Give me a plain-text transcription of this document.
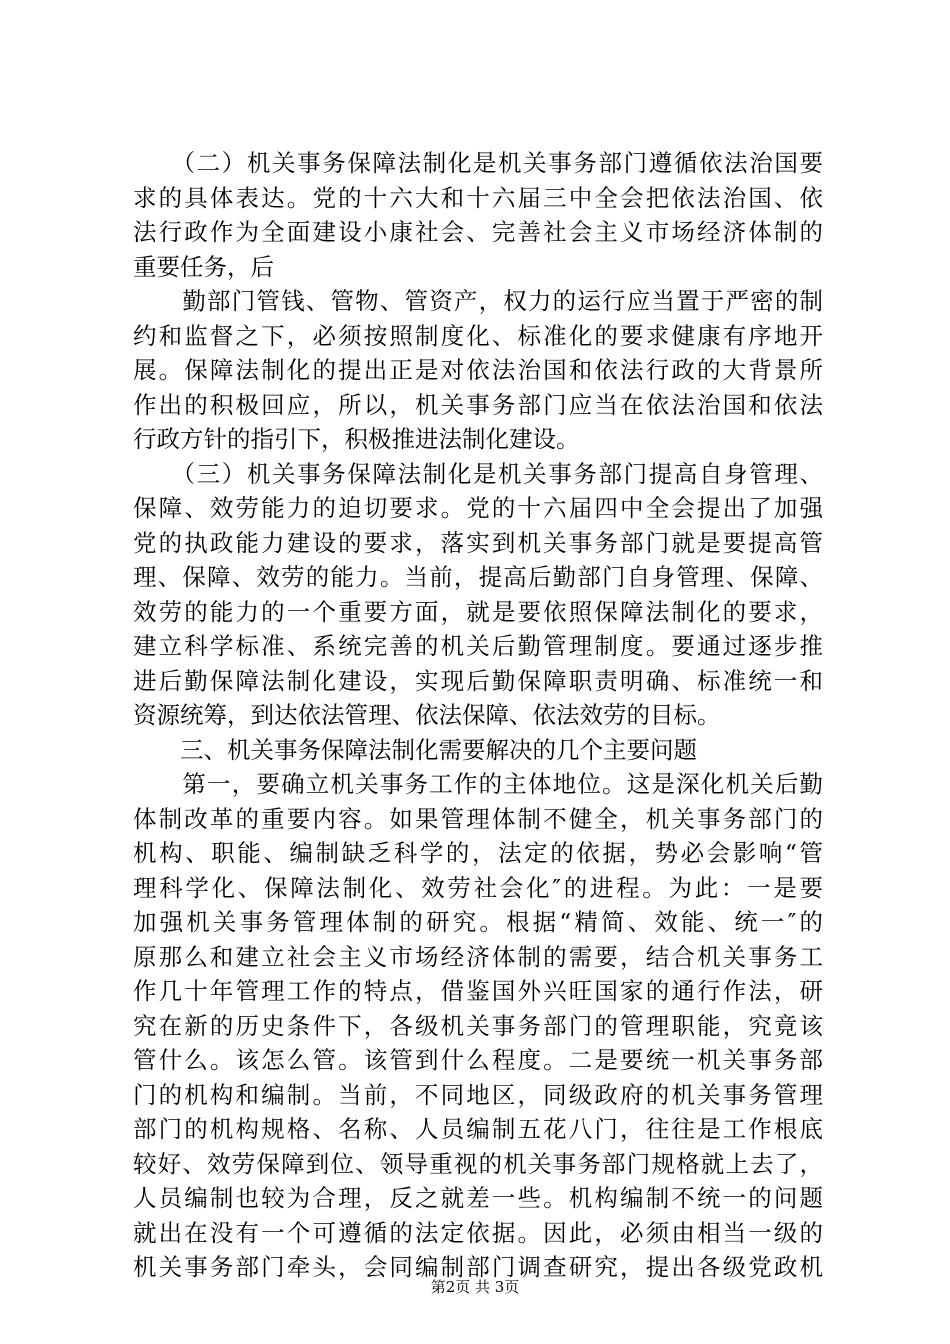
　　（二）机关事务保障法制化是机关事务部门遵循依法治国要
求的具体表达。党的十六大和十六届三中全会把依法治国、依
法行政作为全面建设小康社会、完善社会主义市场经济体制的
重要任务，后
　　勤部门管钱、管物、管资产，权力的运行应当置于严密的制
约和监督之下，必须按照制度化、标准化的要求健康有序地开
展。保障法制化的提出正是对依法治国和依法行政的大背景所
作出的积极回应，所以，机关事务部门应当在依法治国和依法
行政方针的指引下，积极推进法制化建设。
　　（三）机关事务保障法制化是机关事务部门提高自身管理、
保障、效劳能力的迫切要求。党的十六届四中全会提出了加强
党的执政能力建设的要求，落实到机关事务部门就是要提高管
理、保障、效劳的能力。当前，提高后勤部门自身管理、保障、
效劳的能力的一个重要方面，就是要依照保障法制化的要求，
建立科学标准、系统完善的机关后勤管理制度。要通过逐步推
进后勤保障法制化建设，实现后勤保障职责明确、标准统一和
资源统筹，到达依法管理、依法保障、依法效劳的目标。
　　三、机关事务保障法制化需要解决的几个主要问题
　　第一，要确立机关事务工作的主体地位。这是深化机关后勤
体制改革的重要内容。如果管理体制不健全，机关事务部门的
机构、职能、编制缺乏科学的，法定的依据，势必会影响“管
理科学化、保障法制化、效劳社会化″的进程。为此：一是要
加强机关事务管理体制的研究。根据“精简、效能、统一″的
原那么和建立社会主义市场经济体制的需要，结合机关事务工
作几十年管理工作的特点，借鉴国外兴旺国家的通行作法，研
究在新的历史条件下，各级机关事务部门的管理职能，究竟该
管什么。该怎么管。该管到什么程度。二是要统一机关事务部
门的机构和编制。当前，不同地区，同级政府的机关事务管理
部门的机构规格、名称、人员编制五花八门，往往是工作根底
较好、效劳保障到位、领导重视的机关事务部门规格就上去了，
人员编制也较为合理，反之就差一些。机构编制不统一的问题
就出在没有一个可遵循的法定依据。因此，必须由相当一级的
机关事务部门牵头，会同编制部门调查研究，提出各级党政机
第2页 共 3页
